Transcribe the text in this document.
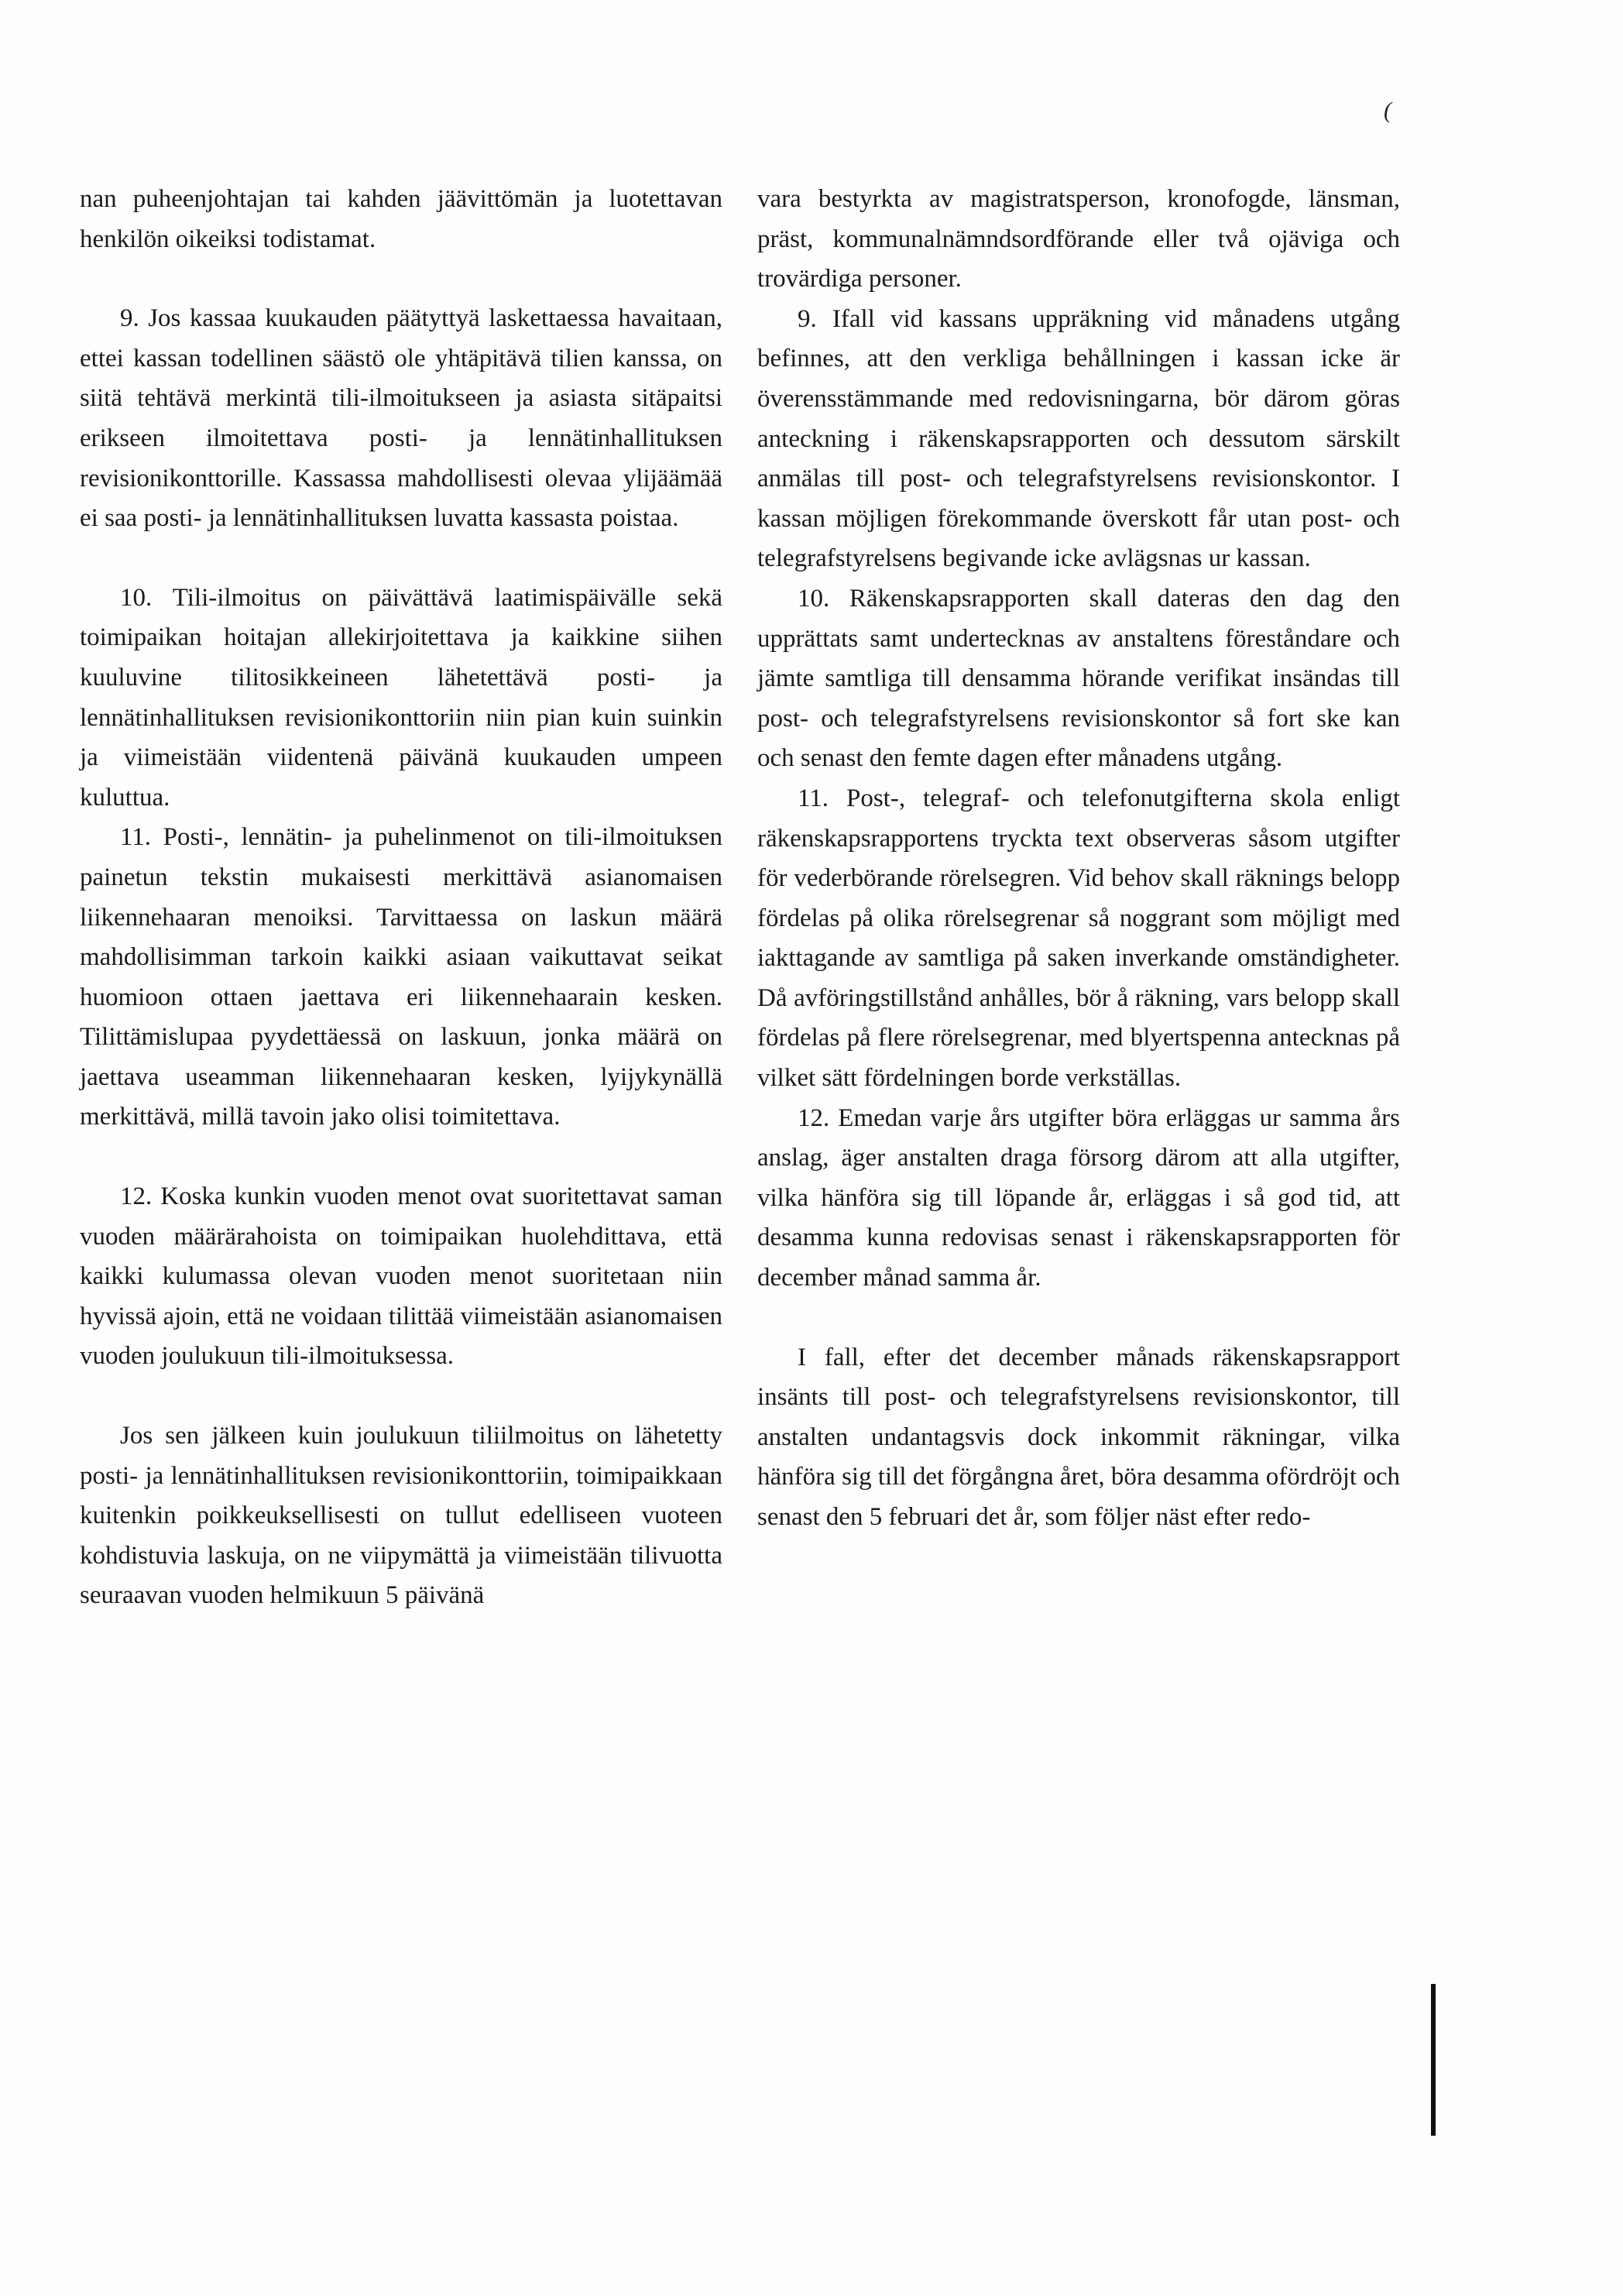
(

nan puheenjohtajan tai kahden jäävittömän ja luotettavan henkilön oikeiksi todistamat.

9. Jos kassaa kuukauden päätyttyä laskettaessa havaitaan, ettei kassan todellinen säästö ole yhtäpitävä tilien kanssa, on siitä tehtävä merkintä tili-ilmoitukseen ja asiasta sitäpaitsi erikseen ilmoitettava posti- ja lennätinhallituksen revisionikonttorille. Kassassa mahdollisesti olevaa ylijäämää ei saa posti- ja lennätinhallituksen luvatta kassasta poistaa.

10. Tili-ilmoitus on päivättävä laatimispäivälle sekä toimipaikan hoitajan allekirjoitettava ja kaikkine siihen kuuluvine tilitosikkeineen lähetettävä posti- ja lennätinhallituksen revisionikonttoriin niin pian kuin suinkin ja viimeistään viidentenä päivänä kuukauden umpeen kuluttua.

11. Posti-, lennätin- ja puhelinmenot on tili-ilmoituksen painetun tekstin mukaisesti merkittävä asianomaisen liikennehaaran menoiksi. Tarvittaessa on laskun määrä mahdollisimman tarkoin kaikki asiaan vaikuttavat seikat huomioon ottaen jaettava eri liikennehaarain kesken. Tilittämislupaa pyydettäessä on laskuun, jonka määrä on jaettava useamman liikennehaaran kesken, lyijykynällä merkittävä, millä tavoin jako olisi toimitettava.

12. Koska kunkin vuoden menot ovat suoritettavat saman vuoden määrärahoista on toimipaikan huolehdittava, että kaikki kulumassa olevan vuoden menot suoritetaan niin hyvissä ajoin, että ne voidaan tilittää viimeistään asianomaisen vuoden joulukuun tili-ilmoituksessa.

Jos sen jälkeen kuin joulukuun tiliilmoitus on lähetetty posti- ja lennätinhallituksen revisionikonttoriin, toimipaikkaan kuitenkin poikkeuksellisesti on tullut edelliseen vuoteen kohdistuvia laskuja, on ne viipymättä ja viimeistään tilivuotta seuraavan vuoden helmikuun 5 päivänä

vara bestyrkta av magistratsperson, kronofogde, länsman, präst, kommunalnämndsordförande eller två ojäviga och trovärdiga personer.

9. Ifall vid kassans uppräkning vid månadens utgång befinnes, att den verkliga behållningen i kassan icke är överensstämmande med redovisningarna, bör därom göras anteckning i räkenskapsrapporten och dessutom särskilt anmälas till post- och telegrafstyrelsens revisionskontor. I kassan möjligen förekommande överskott får utan post- och telegrafstyrelsens begivande icke avlägsnas ur kassan.

10. Räkenskapsrapporten skall dateras den dag den upprättats samt undertecknas av anstaltens föreståndare och jämte samtliga till densamma hörande verifikat insändas till post- och telegrafstyrelsens revisionskontor så fort ske kan och senast den femte dagen efter månadens utgång.

11. Post-, telegraf- och telefonutgifterna skola enligt räkenskapsrapportens tryckta text observeras såsom utgifter för vederbörande rörelsegren. Vid behov skall räknings belopp fördelas på olika rörelsegrenar så noggrant som möjligt med iakttagande av samtliga på saken inverkande omständigheter. Då avföringstillstånd anhålles, bör å räkning, vars belopp skall fördelas på flere rörelsegrenar, med blyertspenna antecknas på vilket sätt fördelningen borde verkställas.

12. Emedan varje års utgifter böra erläggas ur samma års anslag, äger anstalten draga försorg därom att alla utgifter, vilka hänföra sig till löpande år, erläggas i så god tid, att desamma kunna redovisas senast i räkenskapsrapporten för december månad samma år.

I fall, efter det december månads räkenskapsrapport insänts till post- och telegrafstyrelsens revisionskontor, till anstalten undantagsvis dock inkommit räkningar, vilka hänföra sig till det förgångna året, böra desamma ofördröjt och senast den 5 februari det år, som följer näst efter redo-
